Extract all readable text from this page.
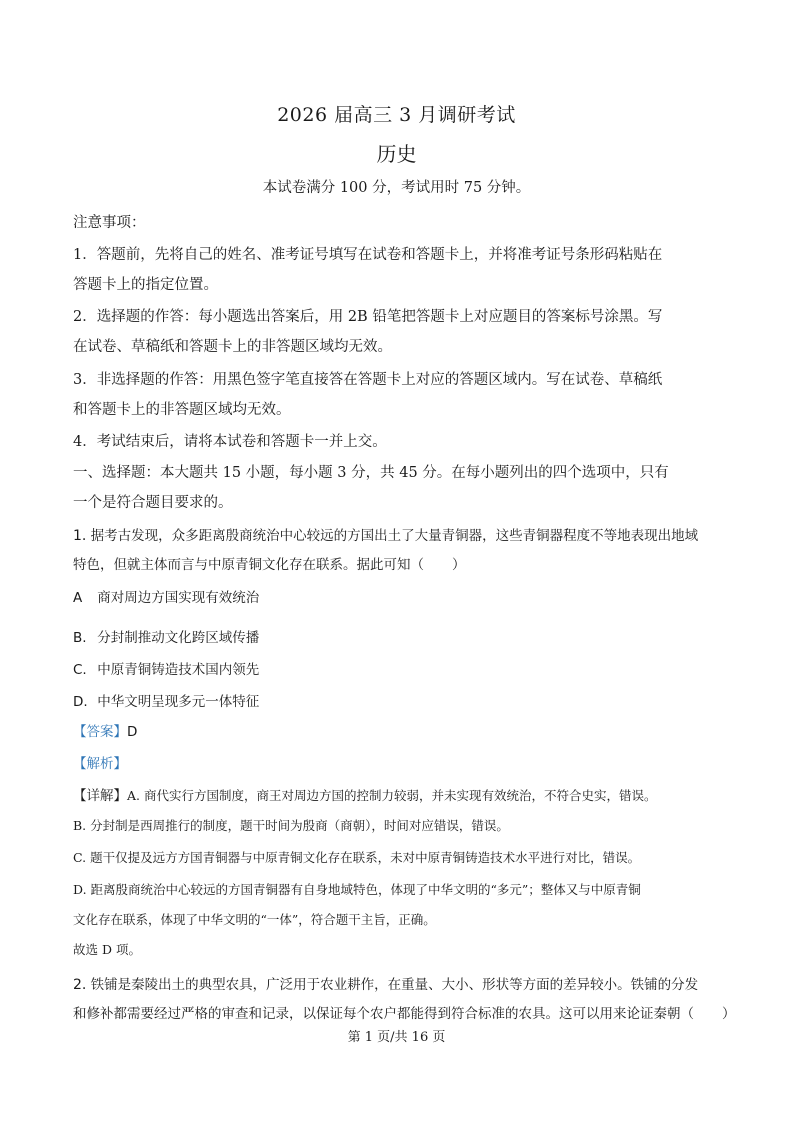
2026 届高三 3 月调研考试
历史
本试卷满分 100 分，考试用时 75 分钟。
注意事项：
1．答题前，先将自己的姓名、准考证号填写在试卷和答题卡上，并将准考证号条形码粘贴在
答题卡上的指定位置。
2．选择题的作答：每小题选出答案后，用 2B 铅笔把答题卡上对应题目的答案标号涂黑。写
在试卷、草稿纸和答题卡上的非答题区域均无效。
3．非选择题的作答：用黑色签字笔直接答在答题卡上对应的答题区域内。写在试卷、草稿纸
和答题卡上的非答题区域均无效。
4．考试结束后，请将本试卷和答题卡一并上交。
一、选择题：本大题共 15 小题，每小题 3 分，共 45 分。在每小题列出的四个选项中，只有
一个是符合题目要求的。
1. 据考古发现，众多距离殷商统治中心较远的方国出土了大量青铜器，这些青铜器程度不等地表现出地域
特色，但就主体而言与中原青铜文化存在联系。据此可知（ ）
A 商对周边方国实现有效统治
B. 分封制推动文化跨区域传播
C. 中原青铜铸造技术国内领先
D. 中华文明呈现多元一体特征
【答案】D
【解析】
【详解】A. 商代实行方国制度，商王对周边方国的控制力较弱，并未实现有效统治，不符合史实，错误。
B. 分封制是西周推行的制度，题干时间为殷商（商朝），时间对应错误，错误。
C. 题干仅提及远方方国青铜器与中原青铜文化存在联系，未对中原青铜铸造技术水平进行对比，错误。
D. 距离殷商统治中心较远的方国青铜器有自身地域特色，体现了中华文明的“多元”；整体又与中原青铜
文化存在联系，体现了中华文明的“一体”，符合题干主旨，正确。
故选 D 项。
2. 铁铺是秦陵出土的典型农具，广泛用于农业耕作，在重量、大小、形状等方面的差异较小。铁铺的分发
和修补都需要经过严格的审查和记录，以保证每个农户都能得到符合标准的农具。这可以用来论证秦朝（ ）
第 1 页/共 16 页
